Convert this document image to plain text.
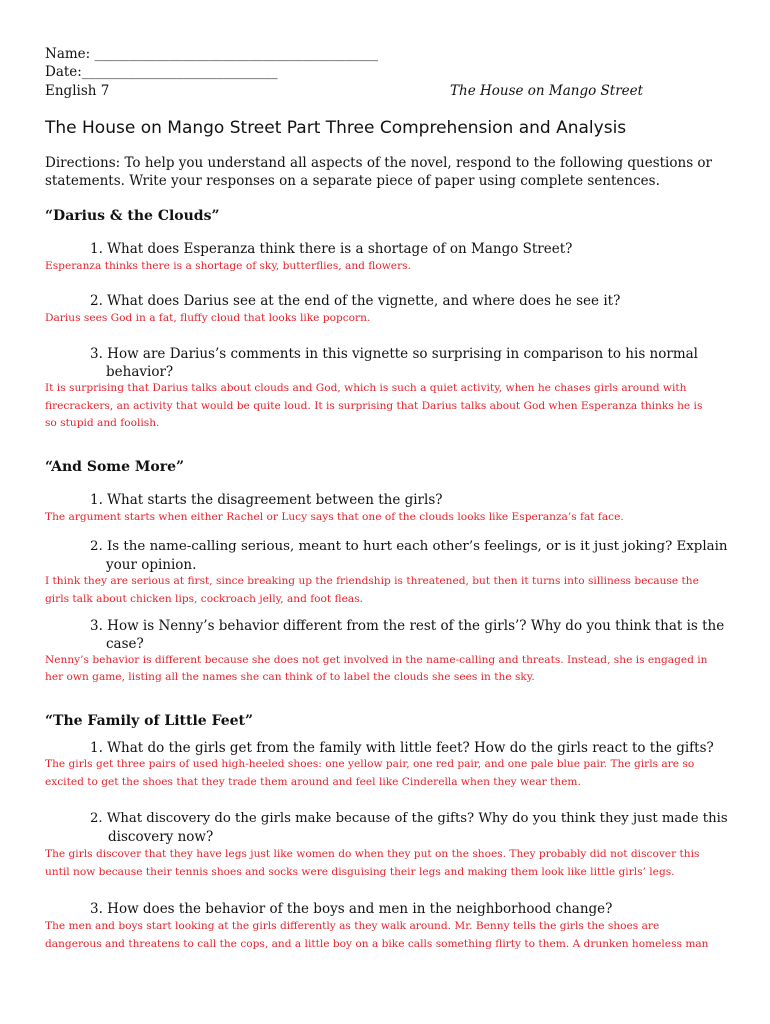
Name: __________________________________________
Date:_____________________________
English 7	The House on Mango Street
The House on Mango Street Part Three Comprehension and Analysis
Directions: To help you understand all aspects of the novel, respond to the following questions or
statements. Write your responses on a separate piece of paper using complete sentences.
“Darius & the Clouds”
1. What does Esperanza think there is a shortage of on Mango Street?
Esperanza thinks there is a shortage of sky, butterflies, and flowers.
2. What does Darius see at the end of the vignette, and where does he see it?
Darius sees God in a fat, fluffy cloud that looks like popcorn.
3. How are Darius’s comments in this vignette so surprising in comparison to his normal
behavior?
It is surprising that Darius talks about clouds and God, which is such a quiet activity, when he chases girls around with
firecrackers, an activity that would be quite loud. It is surprising that Darius talks about God when Esperanza thinks he is
so stupid and foolish.
“And Some More”
1. What starts the disagreement between the girls?
The argument starts when either Rachel or Lucy says that one of the clouds looks like Esperanza’s fat face.
2. Is the name-calling serious, meant to hurt each other’s feelings, or is it just joking? Explain
your opinion.
I think they are serious at first, since breaking up the friendship is threatened, but then it turns into silliness because the
girls talk about chicken lips, cockroach jelly, and foot fleas.
3. How is Nenny’s behavior different from the rest of the girls’? Why do you think that is the
case?
Nenny’s behavior is different because she does not get involved in the name-calling and threats. Instead, she is engaged in
her own game, listing all the names she can think of to label the clouds she sees in the sky.
“The Family of Little Feet”
1. What do the girls get from the family with little feet? How do the girls react to the gifts?
The girls get three pairs of used high-heeled shoes: one yellow pair, one red pair, and one pale blue pair. The girls are so
excited to get the shoes that they trade them around and feel like Cinderella when they wear them.
2. What discovery do the girls make because of the gifts? Why do you think they just made this
discovery now?
The girls discover that they have legs just like women do when they put on the shoes. They probably did not discover this
until now because their tennis shoes and socks were disguising their legs and making them look like little girls’ legs.
3. How does the behavior of the boys and men in the neighborhood change?
The men and boys start looking at the girls differently as they walk around. Mr. Benny tells the girls the shoes are
dangerous and threatens to call the cops, and a little boy on a bike calls something flirty to them. A drunken homeless man
